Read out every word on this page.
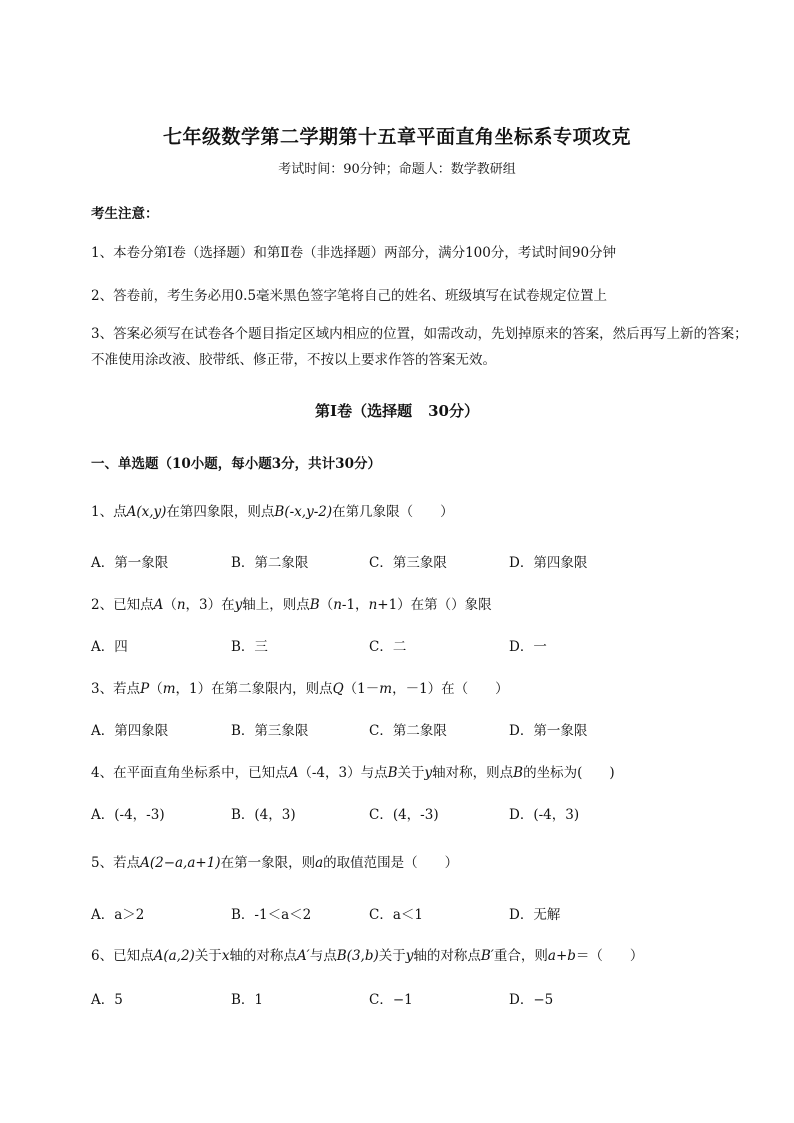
七年级数学第二学期第十五章平面直角坐标系专项攻克
考试时间：90分钟；命题人：数学教研组
考生注意：
1、本卷分第Ⅰ卷（选择题）和第Ⅱ卷（非选择题）两部分，满分100分，考试时间90分钟
2、答卷前，考生务必用0.5毫米黑色签字笔将自己的姓名、班级填写在试卷规定位置上
3、答案必须写在试卷各个题目指定区域内相应的位置，如需改动，先划掉原来的答案，然后再写上新的答案；不准使用涂改液、胶带纸、修正带，不按以上要求作答的答案无效。
第Ⅰ卷（选择题 30分）
一、单选题（10小题，每小题3分，共计30分）
1、点A(x,y)在第四象限，则点B(-x,y-2)在第几象限（　　）
A．第一象限	B．第二象限	C．第三象限	D．第四象限
2、已知点A（n，3）在y轴上，则点B（n-1，n+1）在第（）象限
A．四	B．三	C．二	D．一
3、若点P（m，1）在第二象限内，则点Q（1－m，－1）在（　　）
A．第四象限	B．第三象限	C．第二象限	D．第一象限
4、在平面直角坐标系中，已知点A（-4，3）与点B关于y轴对称，则点B的坐标为(　　)
A．(-4，-3)	B．(4，3)	C．(4，-3)	D．(-4，3)
5、若点A(2−a,a+1)在第一象限，则a的取值范围是（　　）
A．a＞2	B．-1＜a＜2	C．a＜1	D．无解
6、已知点A(a,2)关于x轴的对称点A′与点B(3,b)关于y轴的对称点B′重合，则a+b＝（　　）
A．5	B．1	C．−1	D．−5
